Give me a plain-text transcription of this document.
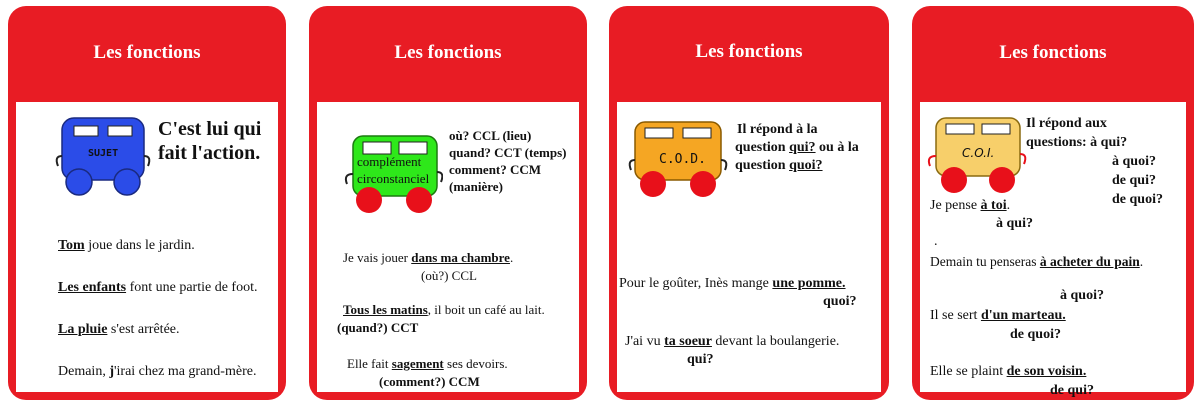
Les fonctions
SUJET
C'est lui qui
fait l'action.
Tom joue dans le jardin.
Les enfants font une partie de foot.
La pluie s'est arrêtée.
Demain, j'irai chez ma grand-mère.
Les fonctions
complément
circonstanciel
où? CCL (lieu)
quand? CCT (temps)
comment? CCM
(manière)
Je vais jouer dans ma chambre.
(où?) CCL
Tous les matins, il boit un café au lait.
(quand?) CCT
Elle fait sagement ses devoirs.
(comment?) CCM
Les fonctions
C.O.D.
Il répond à la
question qui? ou à la
question quoi?
Pour le goûter, Inès mange une pomme.
quoi?
J'ai vu ta soeur devant la boulangerie.
qui?
Les fonctions
C.O.I.
Il répond aux
questions: à qui?
à quoi?
de qui?
de quoi?
Je pense à toi.
à qui?
.
Demain tu penseras à acheter du pain.
à quoi?
Il se sert d'un marteau.
de quoi?
Elle se plaint de son voisin.
de qui?
